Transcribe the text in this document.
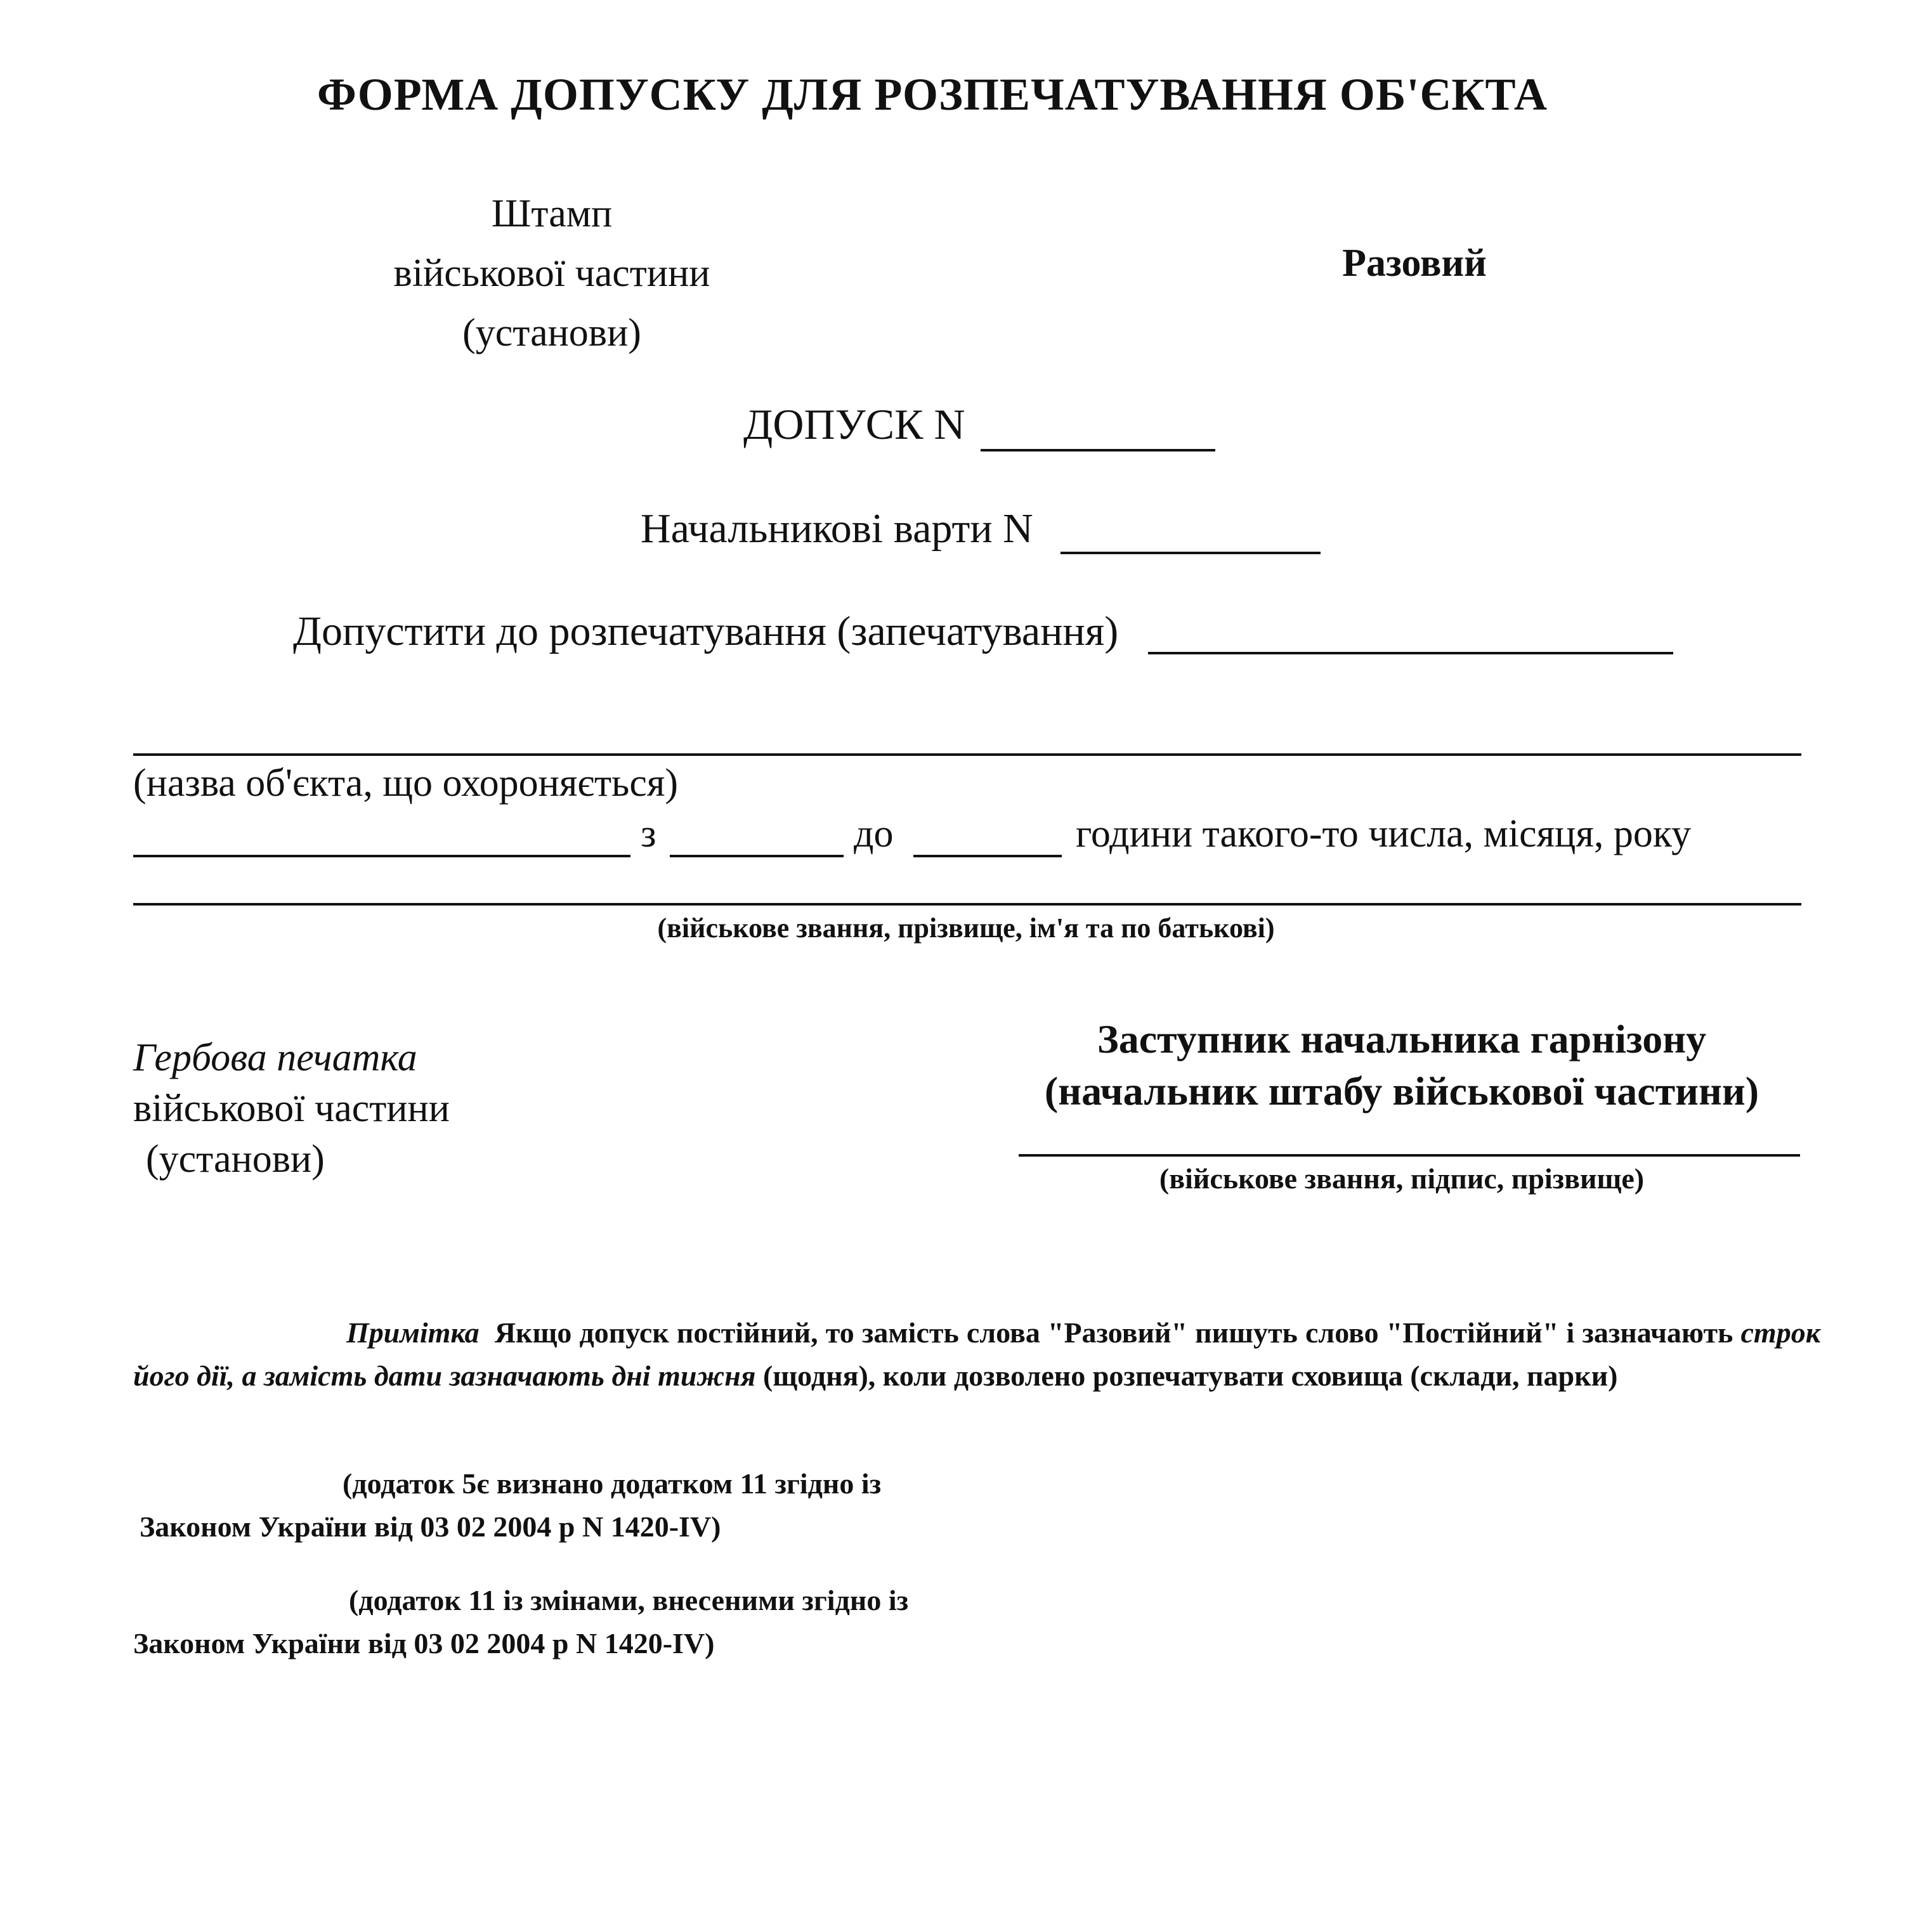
ФОРМА ДОПУСКУ ДЛЯ РОЗПЕЧАТУВАННЯ ОБ'ЄКТА
Штамп
військової частини
(установи)
Разовий
ДОПУСК N
Начальникові варти N
Допустити до розпечатування (запечатування)
(назва об'єкта, що охороняється)
з	до	години такого-то числа, місяця, року
(військове звання, прізвище, ім'я та по батькові)
Гербова печатка
військової частини
(установи)
Заступник начальника гарнізону
(начальник штабу військової частини)
(військове звання, підпис, прізвище)
Примітка Якщо допуск постійний, то замість слова "Разовий" пишуть слово "Постійний" і зазначають строк його дії, а замість дати зазначають дні тижня (щодня), коли дозволено розпечатувати сховища (склади, парки)
(додаток 5є визнано додатком 11 згідно із
Законом України від 03 02 2004 р N 1420-IV)
(додаток 11 із змінами, внесеними згідно із
Законом України від 03 02 2004 р N 1420-IV)
